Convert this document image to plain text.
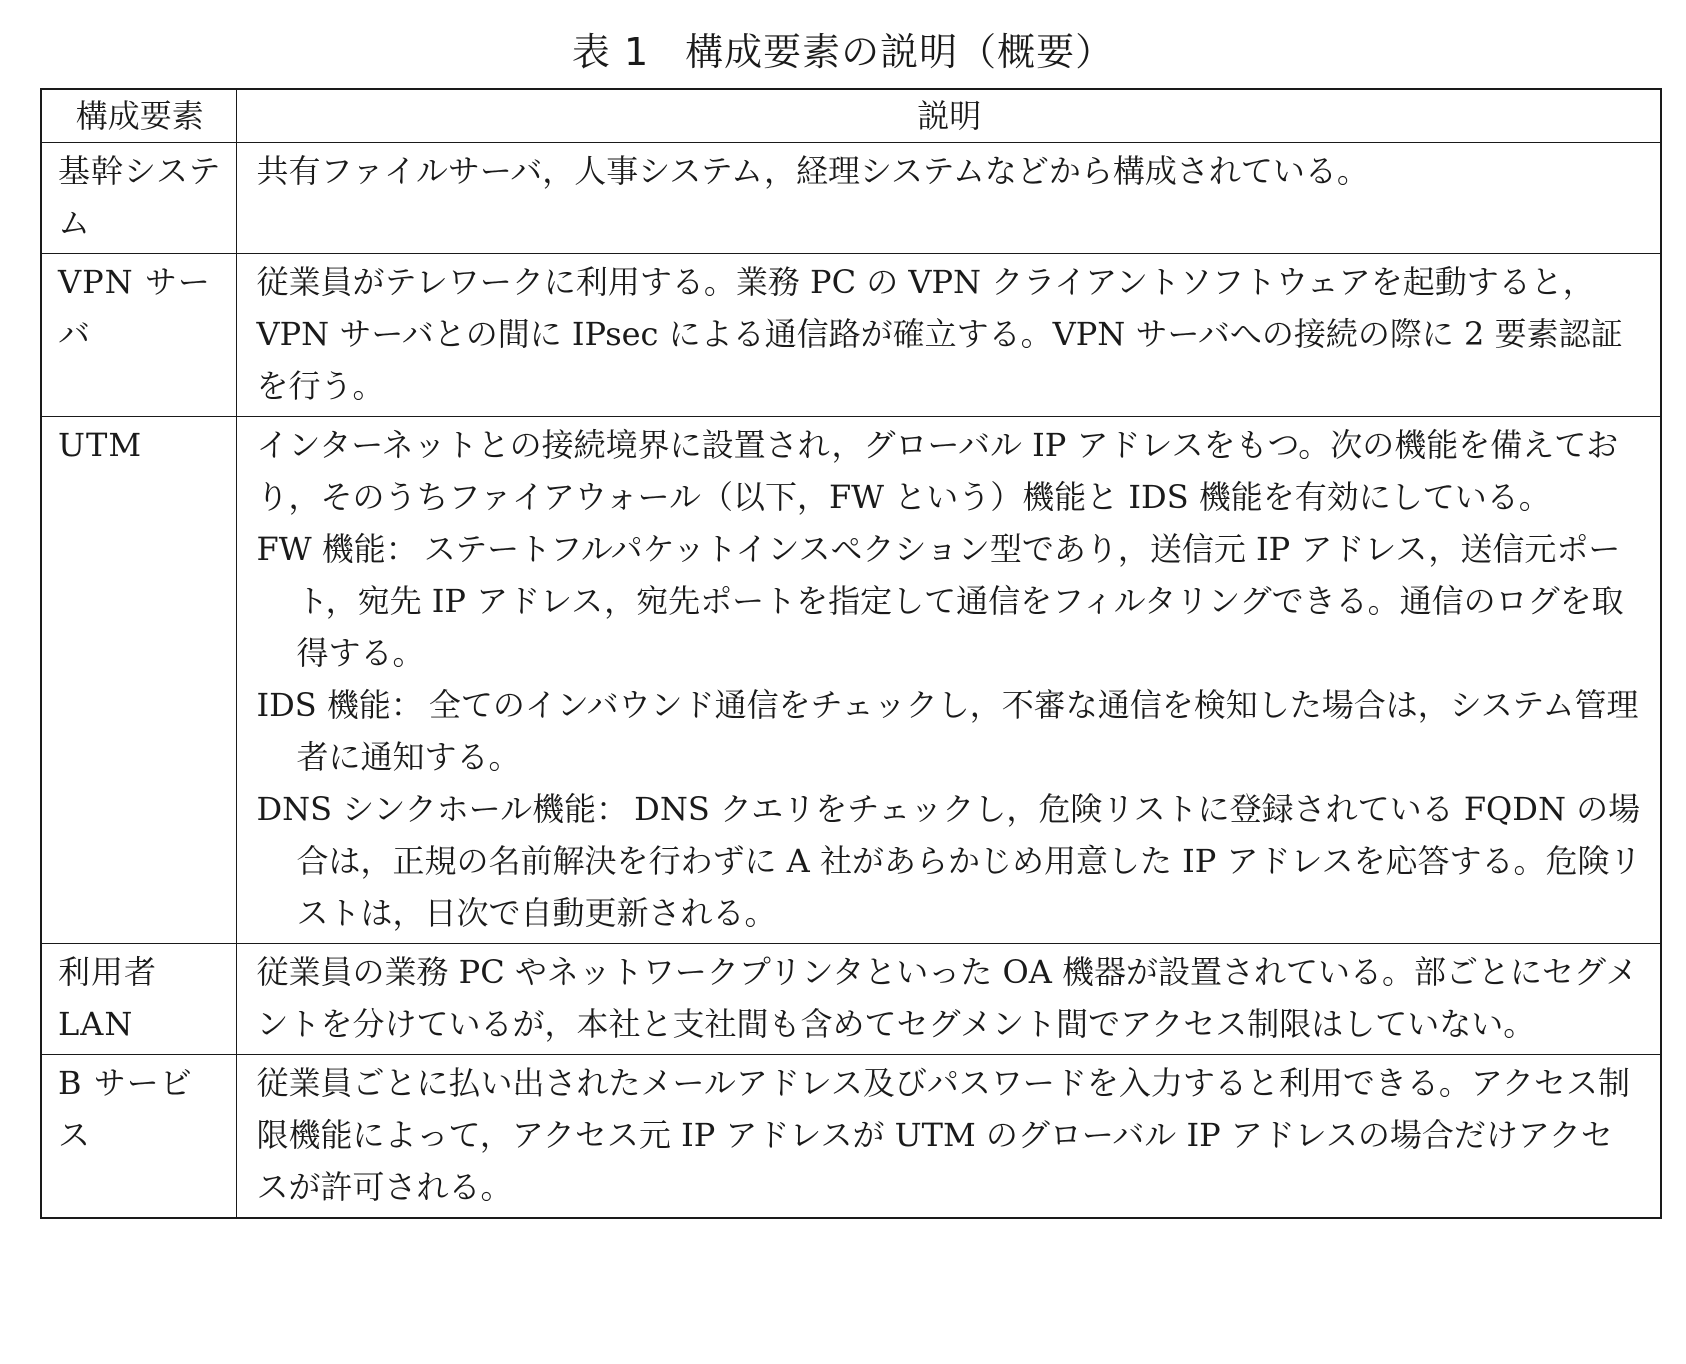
表 1 構成要素の説明（概要）
構成要素	説明
基幹システム	共有ファイルサーバ，人事システム，経理システムなどから構成されている。

VPN サーバ	従業員がテレワークに利用する。業務 PC の VPN クライアントソフトウェアを起動すると，VPN サーバとの間に IPsec による通信路が確立する。VPN サーバへの接続の際に 2 要素認証を行う。

UTM	インターネットとの接続境界に設置され，グローバル IP アドレスをもつ。次の機能を備えており，そのうちファイアウォール（以下，FW という）機能と IDS 機能を有効にしている。

FW 機能： ステートフルパケットインスペクション型であり，送信元 IP アドレス，送信元ポート，宛先 IP アドレス，宛先ポートを指定して通信をフィルタリングできる。通信のログを取得する。

IDS 機能： 全てのインバウンド通信をチェックし，不審な通信を検知した場合は，システム管理者に通知する。

DNS シンクホール機能： DNS クエリをチェックし，危険リストに登録されている FQDN の場合は，正規の名前解決を行わずに A 社があらかじめ用意した IP アドレスを応答する。危険リストは，日次で自動更新される。

利用者 LAN	従業員の業務 PC やネットワークプリンタといった OA 機器が設置されている。部ごとにセグメントを分けているが，本社と支社間も含めてセグメント間でアクセス制限はしていない。

B サービス	従業員ごとに払い出されたメールアドレス及びパスワードを入力すると利用できる。アクセス制限機能によって，アクセス元 IP アドレスが UTM のグローバル IP アドレスの場合だけアクセスが許可される。
